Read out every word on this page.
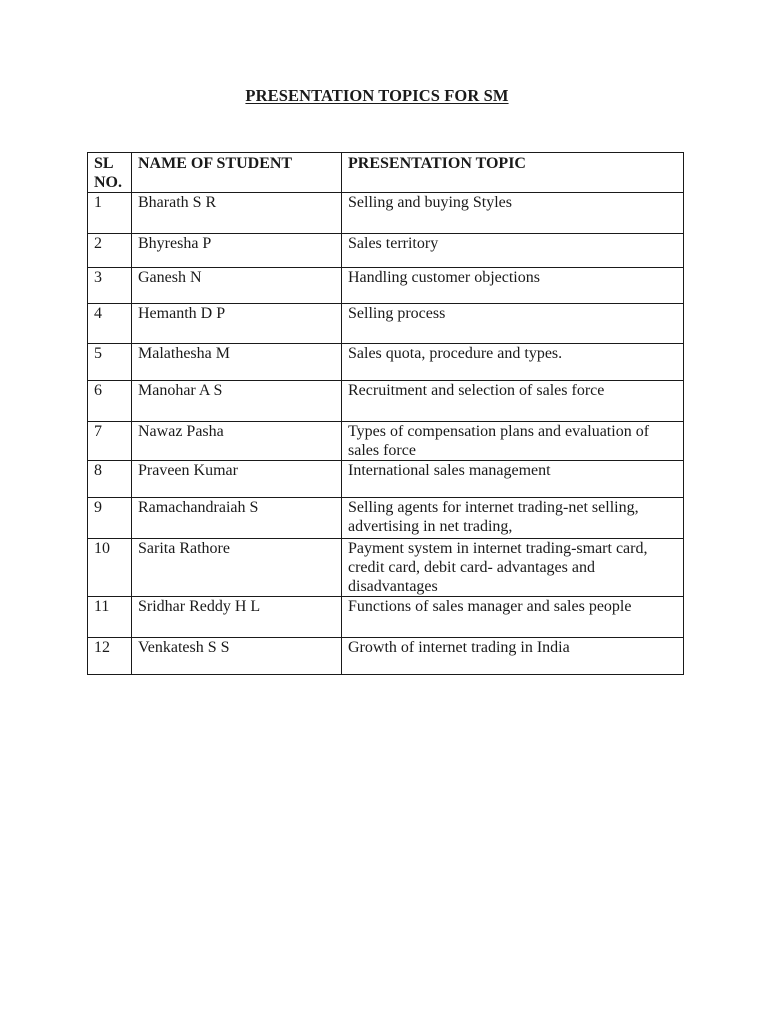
PRESENTATION TOPICS FOR SM
SL NO.	NAME OF STUDENT	PRESENTATION TOPIC
1	Bharath S R	Selling and buying Styles
2	Bhyresha P	Sales territory
3	Ganesh N	Handling customer objections
4	Hemanth D P	Selling process
5	Malathesha M	Sales quota, procedure and types.
6	Manohar A S	Recruitment and selection of sales force
7	Nawaz Pasha	Types of compensation plans and evaluation of sales force
8	Praveen Kumar	International sales management
9	Ramachandraiah S	Selling agents for internet trading-net selling, advertising in net trading,
10	Sarita Rathore	Payment system in internet trading-smart card, credit card, debit card- advantages and disadvantages
11	Sridhar Reddy H L	Functions of sales manager and sales people
12	Venkatesh S S	Growth of internet trading in India
